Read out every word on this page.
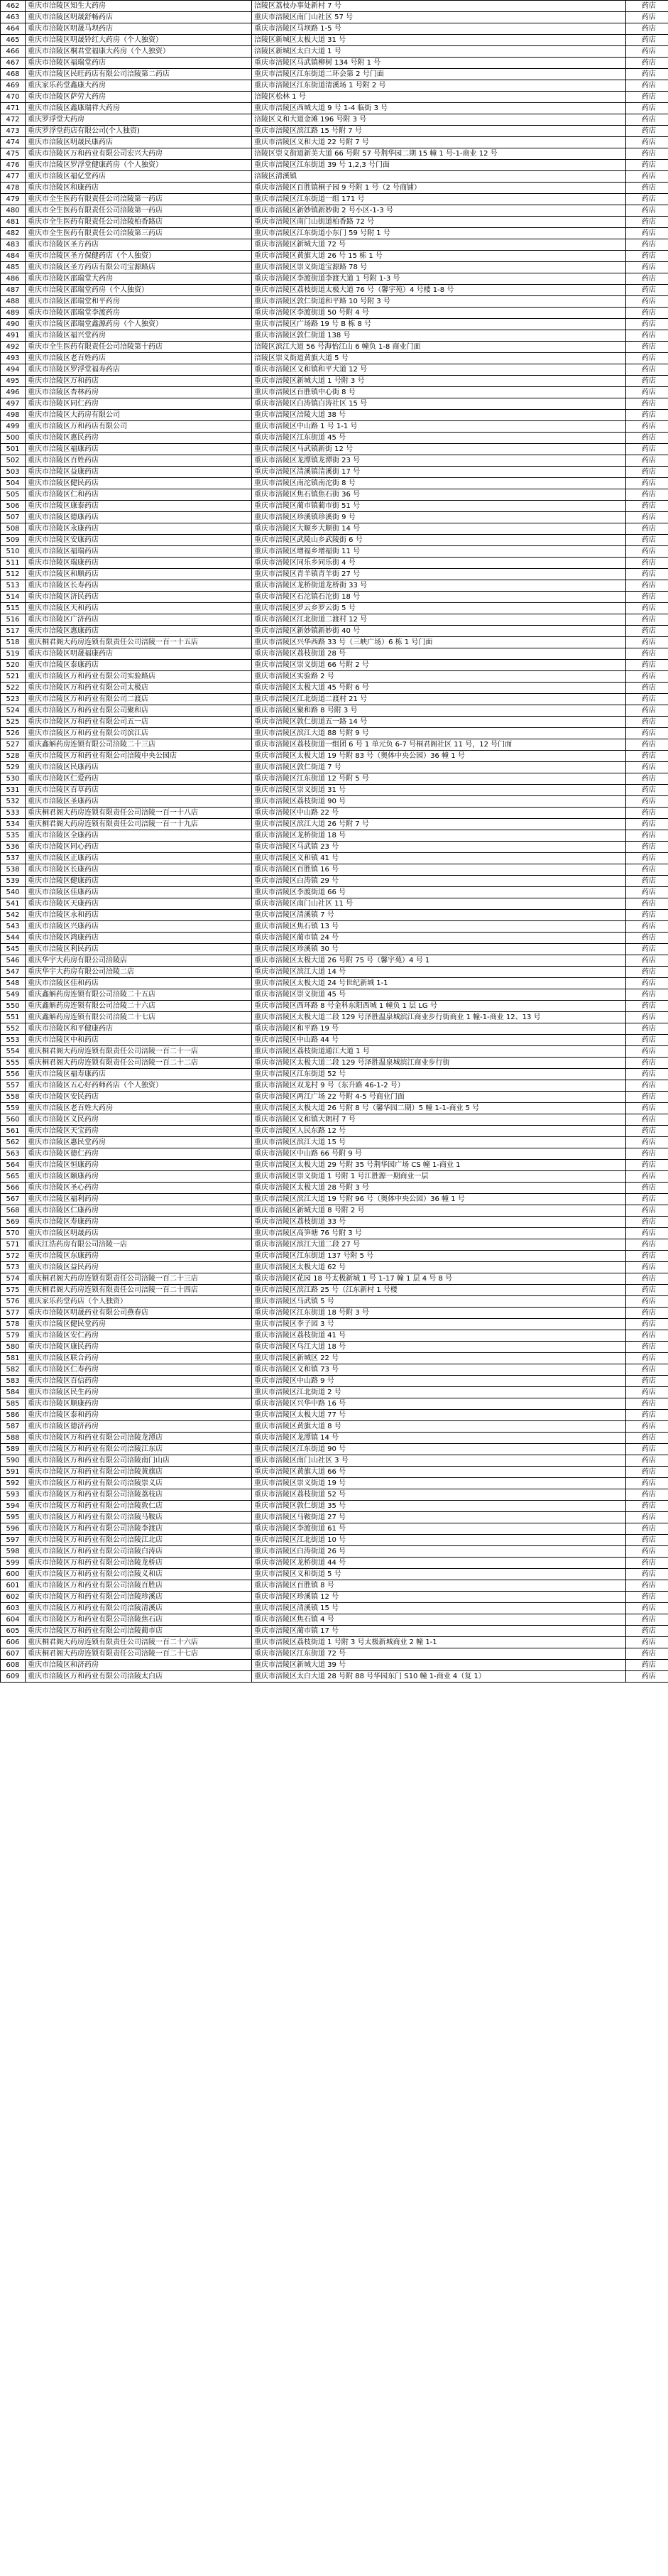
462	重庆市涪陵区知生大药房	涪陵区荔枝办事处新村 7 号	药店
463	重庆市涪陵区明晟舒畅药店	重庆市涪陵区南门山社区 57 号	药店
464	重庆市涪陵区明晟马坝药店	重庆市涪陵区马坝路 1-5 号	药店
465	重庆市涪陵区明晟铃红大药房（个人独资）	涪陵区新城区太极大道 31 号	药店
466	重庆市涪陵区桐君堂福康大药房（个人独资）	涪陵区新城区太白大道 1 号	药店
467	重庆市涪陵区福瑞堂药店	重庆市涪陵区马武镇柳树 134 号附 1 号	药店
468	重庆市涪陵区民旺药店有限公司涪陵第二药店	重庆市涪陵区江东街道二环会第 2 号门面	药店
469	重庆家乐药堂鑫康大药房	重庆市涪陵区江东街道清溪场 1 号附 2 号	药店
470	重庆市涪陵区萨劳大药房	涪陵区松林 1 号	药店
471	重庆市涪陵区鑫康瑞祥大药房	重庆市涪陵区西城大道 9 号 1-4 临街 3 号	药店
472	重庆罗浮堂大药房	涪陵区义和大道金滩 196 号附 3 号	药店
473	重庆罗浮堂药店有限公司(个人独资)	重庆市涪陵区滨江路 15 号附 7 号	药店
474	重庆市涪陵区明晟民康药店	重庆市涪陵区义和大道 22 号附 7 号	药店
475	重庆市涪陵区万和药业有限公司宏兴大药房	涪陵区崇义街道新美大道 66 号附 57 号荆华园二期 15 幢 1 号-1-商业 12 号	药店
476	重庆市涪陵区罗浮堂健康药房（个人独资）	重庆市涪陵区江东街道 39 号 1,2,3 号门面	药店
477	重庆市涪陵区福亿堂药店	涪陵区清溪镇	药店
478	重庆市涪陵区和康药店	重庆市涪陵区百胜镇桐子园 9 号附 1 号（2 号商铺）	药店
479	重庆市全生医药有限责任公司涪陵第一药店	重庆市涪陵区江东街道一组 171 号	药店
480	重庆市全生医药有限责任公司涪陵第一药店	重庆市涪陵区新妙镇新妙街 2 号小区-1-3 号	药店
481	重庆市全生医药有限责任公司涪陵柏香路店	重庆市涪陵区南门山街道柏香路 72 号	药店
482	重庆市全生医药有限责任公司涪陵第三药店	重庆市涪陵区江东街道小东门 59 号附 1 号	药店
483	重庆市涪陵区圣方药店	重庆市涪陵区新城大道 72 号	药店
484	重庆市涪陵区圣方保健药店（个人独资）	重庆市涪陵区黄旗大道 26 号 15 栋 1 号	药店
485	重庆市涪陵区圣方药店有限公司宝源路店	重庆市涪陵区崇义街道宝源路 78 号	药店
486	重庆市涪陵区邵瑞堂大药房	重庆市涪陵区李渡街道李渡大道 1 号附 1-3 号	药店
487	重庆市涪陵区邵瑞堂药房（个人独资）	重庆市涪陵区荔枝街道太极大道 76 号（馨宇苑）4 号楼 1-8 号	药店
488	重庆市涪陵区邵瑞堂和平药房	重庆市涪陵区敦仁街道和平路 10 号附 3 号	药店
489	重庆市涪陵区邵瑞堂李渡药房	重庆市涪陵区李渡街道 50 号附 4 号	药店
490	重庆市涪陵区邵瑞堂鑫源药房（个人独资）	重庆市涪陵区广场路 19 号 B 栋 8 号	药店
491	重庆市涪陵区福兴堂药房	重庆市涪陵区敦仁街道 138 号	药店
492	重庆市全生医药有限责任公司涪陵第十药店	涪陵区滨江大道 56 号海怡江山 6 幢负 1-8 商业门面	药店
493	重庆市涪陵区老百姓药店	涪陵区崇义街道黄旗大道 5 号	药店
494	重庆市涪陵区罗浮堂福寿药店	重庆市涪陵区义和镇和平大道 12 号	药店
495	重庆市涪陵区万和药店	重庆市涪陵区新城大道 1 号附 3 号	药店
496	重庆市涪陵区杏林药房	重庆市涪陵区百胜镇中心街 8 号	药店
497	重庆市涪陵区同仁药房	重庆市涪陵区白涛镇白涛社区 15 号	药店
498	重庆市涪陵区大药房有限公司	重庆市涪陵区涪陵大道 38 号	药店
499	重庆市涪陵区万和药店有限公司	重庆市涪陵区中山路 1 号 1-1 号	药店
500	重庆市涪陵区惠民药房	重庆市涪陵区江东街道 45 号	药店
501	重庆市涪陵区福康药店	重庆市涪陵区马武镇新街 12 号	药店
502	重庆市涪陵区百姓药店	重庆市涪陵区龙潭镇龙潭街 23 号	药店
503	重庆市涪陵区益康药店	重庆市涪陵区清溪镇清溪街 17 号	药店
504	重庆市涪陵区健民药店	重庆市涪陵区南沱镇南沱街 8 号	药店
505	重庆市涪陵区仁和药店	重庆市涪陵区焦石镇焦石街 36 号	药店
506	重庆市涪陵区康泰药店	重庆市涪陵区蔺市镇蔺市街 51 号	药店
507	重庆市涪陵区德康药店	重庆市涪陵区珍溪镇珍溪街 9 号	药店
508	重庆市涪陵区永康药店	重庆市涪陵区大顺乡大顺街 14 号	药店
509	重庆市涪陵区安康药店	重庆市涪陵区武陵山乡武陵街 6 号	药店
510	重庆市涪陵区福瑞药店	重庆市涪陵区增福乡增福街 11 号	药店
511	重庆市涪陵区瑞康药店	重庆市涪陵区同乐乡同乐街 4 号	药店
512	重庆市涪陵区和顺药店	重庆市涪陵区青羊镇青羊街 27 号	药店
513	重庆市涪陵区长寿药店	重庆市涪陵区龙桥街道龙桥街 33 号	药店
514	重庆市涪陵区济民药店	重庆市涪陵区石沱镇石沱街 18 号	药店
515	重庆市涪陵区天和药店	重庆市涪陵区罗云乡罗云街 5 号	药店
516	重庆市涪陵区广济药店	重庆市涪陵区江北街道二渡村 12 号	药店
517	重庆市涪陵区惠康药店	重庆市涪陵区新妙镇新妙街 40 号	药店
518	重庆桐君阁大药房连锁有限责任公司涪陵一百一十五店	重庆市涪陵区兴华西路 33 号（三峡广场）6 栋 1 号门面	药店
519	重庆市涪陵区明晟福康药店	重庆市涪陵区荔枝街道 28 号	药店
520	重庆市涪陵区泰康药店	重庆市涪陵区崇义街道 66 号附 2 号	药店
521	重庆市涪陵区万和药业有限公司实验路店	重庆市涪陵区实验路 2 号	药店
522	重庆市涪陵区万和药业有限公司太极店	重庆市涪陵区太极大道 45 号附 6 号	药店
523	重庆市涪陵区万和药业有限公司二渡店	重庆市涪陵区江北街道二渡村 21 号	药店
524	重庆市涪陵区万和药业有限公司聚和店	重庆市涪陵区聚和路 8 号附 3 号	药店
525	重庆市涪陵区万和药业有限公司五一店	重庆市涪陵区敦仁街道五一路 14 号	药店
526	重庆市涪陵区万和药业有限公司滨江店	重庆市涪陵区滨江大道 88 号附 9 号	药店
527	重庆鑫斛药房连锁有限公司涪陵二十三店	重庆市涪陵区荔枝街道一组团 6 号 1 单元负 6-7 号桐君阁社区 11 号，12 号门面	药店
528	重庆市涪陵区万和药业有限公司涪陵中央公园店	重庆市涪陵区太极大道 19 号附 83 号（奥体中央公园）36 幢 1 号	药店
529	重庆市涪陵区民康药店	重庆市涪陵区敦仁街道 7 号	药店
530	重庆市涪陵区仁爱药店	重庆市涪陵区江东街道 12 号附 5 号	药店
531	重庆市涪陵区百草药店	重庆市涪陵区崇义街道 31 号	药店
532	重庆市涪陵区圣康药店	重庆市涪陵区荔枝街道 90 号	药店
533	重庆桐君阁大药房连锁有限责任公司涪陵一百一十八店	重庆市涪陵区中山路 22 号	药店
534	重庆桐君阁大药房连锁有限责任公司涪陵一百一十九店	重庆市涪陵区滨江大道 26 号附 7 号	药店
535	重庆市涪陵区全康药店	重庆市涪陵区龙桥街道 18 号	药店
536	重庆市涪陵区同心药店	重庆市涪陵区马武镇 23 号	药店
537	重庆市涪陵区正康药店	重庆市涪陵区义和镇 41 号	药店
538	重庆市涪陵区长康药店	重庆市涪陵区百胜镇 16 号	药店
539	重庆市涪陵区健康药店	重庆市涪陵区白涛镇 29 号	药店
540	重庆市涪陵区佳康药店	重庆市涪陵区李渡街道 66 号	药店
541	重庆市涪陵区天康药店	重庆市涪陵区南门山社区 11 号	药店
542	重庆市涪陵区永和药店	重庆市涪陵区清溪镇 7 号	药店
543	重庆市涪陵区兴康药店	重庆市涪陵区焦石镇 13 号	药店
544	重庆市涪陵区鸿康药店	重庆市涪陵区蔺市镇 24 号	药店
545	重庆市涪陵区利民药店	重庆市涪陵区珍溪镇 30 号	药店
546	重庆华宇大药房有限公司涪陵店	重庆市涪陵区太极大道 26 号附 75 号（馨宇苑）4 号 1	药店
547	重庆华宇大药房有限公司涪陵二店	重庆市涪陵区滨江大道 14 号	药店
548	重庆市涪陵区佳和药店	重庆市涪陵区太极大道 24 号世纪新城 1-1	药店
549	重庆鑫斛药房连锁有限公司涪陵二十五店	重庆市涪陵区崇义街道 45 号	药店
550	重庆鑫斛药房连锁有限公司涪陵二十六店	重庆市涪陵区西环路 8 号金科东阳西城 1 幢负 1 层 LG 号	药店
551	重庆鑫斛药房连锁有限公司涪陵二十七店	重庆市涪陵区太极大道二段 129 号泽胜温泉城滨江商业步行街商业 1 幢-1-商业 12、13 号	药店
552	重庆市涪陵区和平健康药店	重庆市涪陵区和平路 19 号	药店
553	重庆市涪陵区中和药店	重庆市涪陵区中山路 44 号	药店
554	重庆桐君阁大药房连锁有限责任公司涪陵一百二十一店	重庆市涪陵区荔枝街道通江大道 1 号	药店
555	重庆桐君阁大药房连锁有限责任公司涪陵一百二十二店	重庆市涪陵区太极大道二段 129 号泽胜温泉城滨江商业步行街	药店
556	重庆市涪陵区福寿康药店	重庆市涪陵区江东街道 52 号	药店
557	重庆市涪陵区五心好药师药店（个人独资）	重庆市涪陵区双龙村 9 号（东升路 46-1-2 号）	药店
558	重庆市涪陵区安民药店	重庆市涪陵区两江广场 22 号附 4-5 号商业门面	药店
559	重庆市涪陵区老百姓大药房	重庆市涪陵区太极大道 26 号附 8 号（馨华园二期）5 幢 1-1-商业 5 号	药店
560	重庆市涪陵区义民药房	重庆市涪陵区义和镇大朗村 7 号	药店
561	重庆市涪陵区天宝药房	重庆市涪陵区人民东路 12 号	药店
562	重庆市涪陵区惠民堂药房	重庆市涪陵区滨江大道 15 号	药店
563	重庆市涪陵区德仁药房	重庆市涪陵区中山路 66 号附 9 号	药店
564	重庆市涪陵区恒康药房	重庆市涪陵区太极大道 29 号附 35 号荆华园广场 CS 幢 1-商业 1	药店
565	重庆市涪陵区颐康药房	重庆市涪陵区崇义街道 1 号附 1 号江胜源一期商业一层	药店
566	重庆市涪陵区圣心药房	重庆市涪陵区太极大道 28 号附 3 号	药店
567	重庆市涪陵区福利药房	重庆市涪陵区滨江大道 19 号附 96 号（奥体中央公园）36 幢 1 号	药店
568	重庆市涪陵区仁康药房	重庆市涪陵区新城大道 8 号附 2 号	药店
569	重庆市涪陵区寿康药房	重庆市涪陵区荔枝街道 33 号	药店
570	重庆市涪陵区明晟药店	重庆市涪陵区高笋塘 76 号附 3 号	药店
571	重庆江浩药房有限公司涪陵一店	重庆市涪陵区滨江大道二段 27 号	药店
572	重庆市涪陵区东康药房	重庆市涪陵区江东街道 137 号附 5 号	药店
573	重庆市涪陵区益民药房	重庆市涪陵区太极大道 62 号	药店
574	重庆桐君阁大药房连锁有限责任公司涪陵一百二十三店	重庆市涪陵区花园 18 号太极新城 1 号 1-17 幢 1 层 4 号 8 号	药店
575	重庆桐君阁大药房连锁有限责任公司涪陵一百二十四店	重庆市涪陵区滨江路 25 号（江东新村 1 号楼	药店
576	重庆家乐药堂药店（个人独资）	重庆市涪陵区马武镇 5 号	药店
577	重庆市涪陵区明晟药业有限公司燕春店	重庆市涪陵区江东街道 18 号附 3 号	药店
578	重庆市涪陵区健民堂药房	重庆市涪陵区李子园 3 号	药店
579	重庆市涪陵区安仁药房	重庆市涪陵区荔枝街道 41 号	药店
580	重庆市涪陵区康民药房	重庆市涪陵区乌江大道 18 号	药店
581	重庆市涪陵区联合药房	重庆市涪陵区新城区 22 号	药店
582	重庆市涪陵区仁寿药房	重庆市涪陵区义和镇 73 号	药店
583	重庆市涪陵区百信药房	重庆市涪陵区中山路 9 号	药店
584	重庆市涪陵区民生药房	重庆市涪陵区江北街道 2 号	药店
585	重庆市涪陵区顺康药房	重庆市涪陵区兴华中路 16 号	药店
586	重庆市涪陵区泰和药房	重庆市涪陵区太极大道 77 号	药店
587	重庆市涪陵区德济药房	重庆市涪陵区黄旗大道 8 号	药店
588	重庆市涪陵区万和药业有限公司涪陵龙潭店	重庆市涪陵区龙潭镇 14 号	药店
589	重庆市涪陵区万和药业有限公司涪陵江东店	重庆市涪陵区江东街道 90 号	药店
590	重庆市涪陵区万和药业有限公司涪陵南门山店	重庆市涪陵区南门山社区 3 号	药店
591	重庆市涪陵区万和药业有限公司涪陵黄旗店	重庆市涪陵区黄旗大道 66 号	药店
592	重庆市涪陵区万和药业有限公司涪陵崇义店	重庆市涪陵区崇义街道 19 号	药店
593	重庆市涪陵区万和药业有限公司涪陵荔枝店	重庆市涪陵区荔枝街道 52 号	药店
594	重庆市涪陵区万和药业有限公司涪陵敦仁店	重庆市涪陵区敦仁街道 35 号	药店
595	重庆市涪陵区万和药业有限公司涪陵马鞍店	重庆市涪陵区马鞍街道 27 号	药店
596	重庆市涪陵区万和药业有限公司涪陵李渡店	重庆市涪陵区李渡街道 61 号	药店
597	重庆市涪陵区万和药业有限公司涪陵江北店	重庆市涪陵区江北街道 10 号	药店
598	重庆市涪陵区万和药业有限公司涪陵白涛店	重庆市涪陵区白涛街道 26 号	药店
599	重庆市涪陵区万和药业有限公司涪陵龙桥店	重庆市涪陵区龙桥街道 44 号	药店
600	重庆市涪陵区万和药业有限公司涪陵义和店	重庆市涪陵区义和街道 5 号	药店
601	重庆市涪陵区万和药业有限公司涪陵百胜店	重庆市涪陵区百胜镇 8 号	药店
602	重庆市涪陵区万和药业有限公司涪陵珍溪店	重庆市涪陵区珍溪镇 12 号	药店
603	重庆市涪陵区万和药业有限公司涪陵清溪店	重庆市涪陵区清溪镇 15 号	药店
604	重庆市涪陵区万和药业有限公司涪陵焦石店	重庆市涪陵区焦石镇 4 号	药店
605	重庆市涪陵区万和药业有限公司涪陵蔺市店	重庆市涪陵区蔺市镇 17 号	药店
606	重庆桐君阁大药房连锁有限责任公司涪陵一百二十六店	重庆市涪陵区荔枝街道 1 号附 3 号太极新城商业 2 幢 1-1	药店
607	重庆桐君阁大药房连锁有限责任公司涪陵一百二十七店	重庆市涪陵区江东街道 72 号	药店
608	重庆市涪陵区和济药房	重庆市涪陵区新城大道 39 号	药店
609	重庆市涪陵区万和药业有限公司涪陵太白店	重庆市涪陵区太白大道 28 号附 88 号华园东门 S10 幢 1-商业 4（复 1）	药店
